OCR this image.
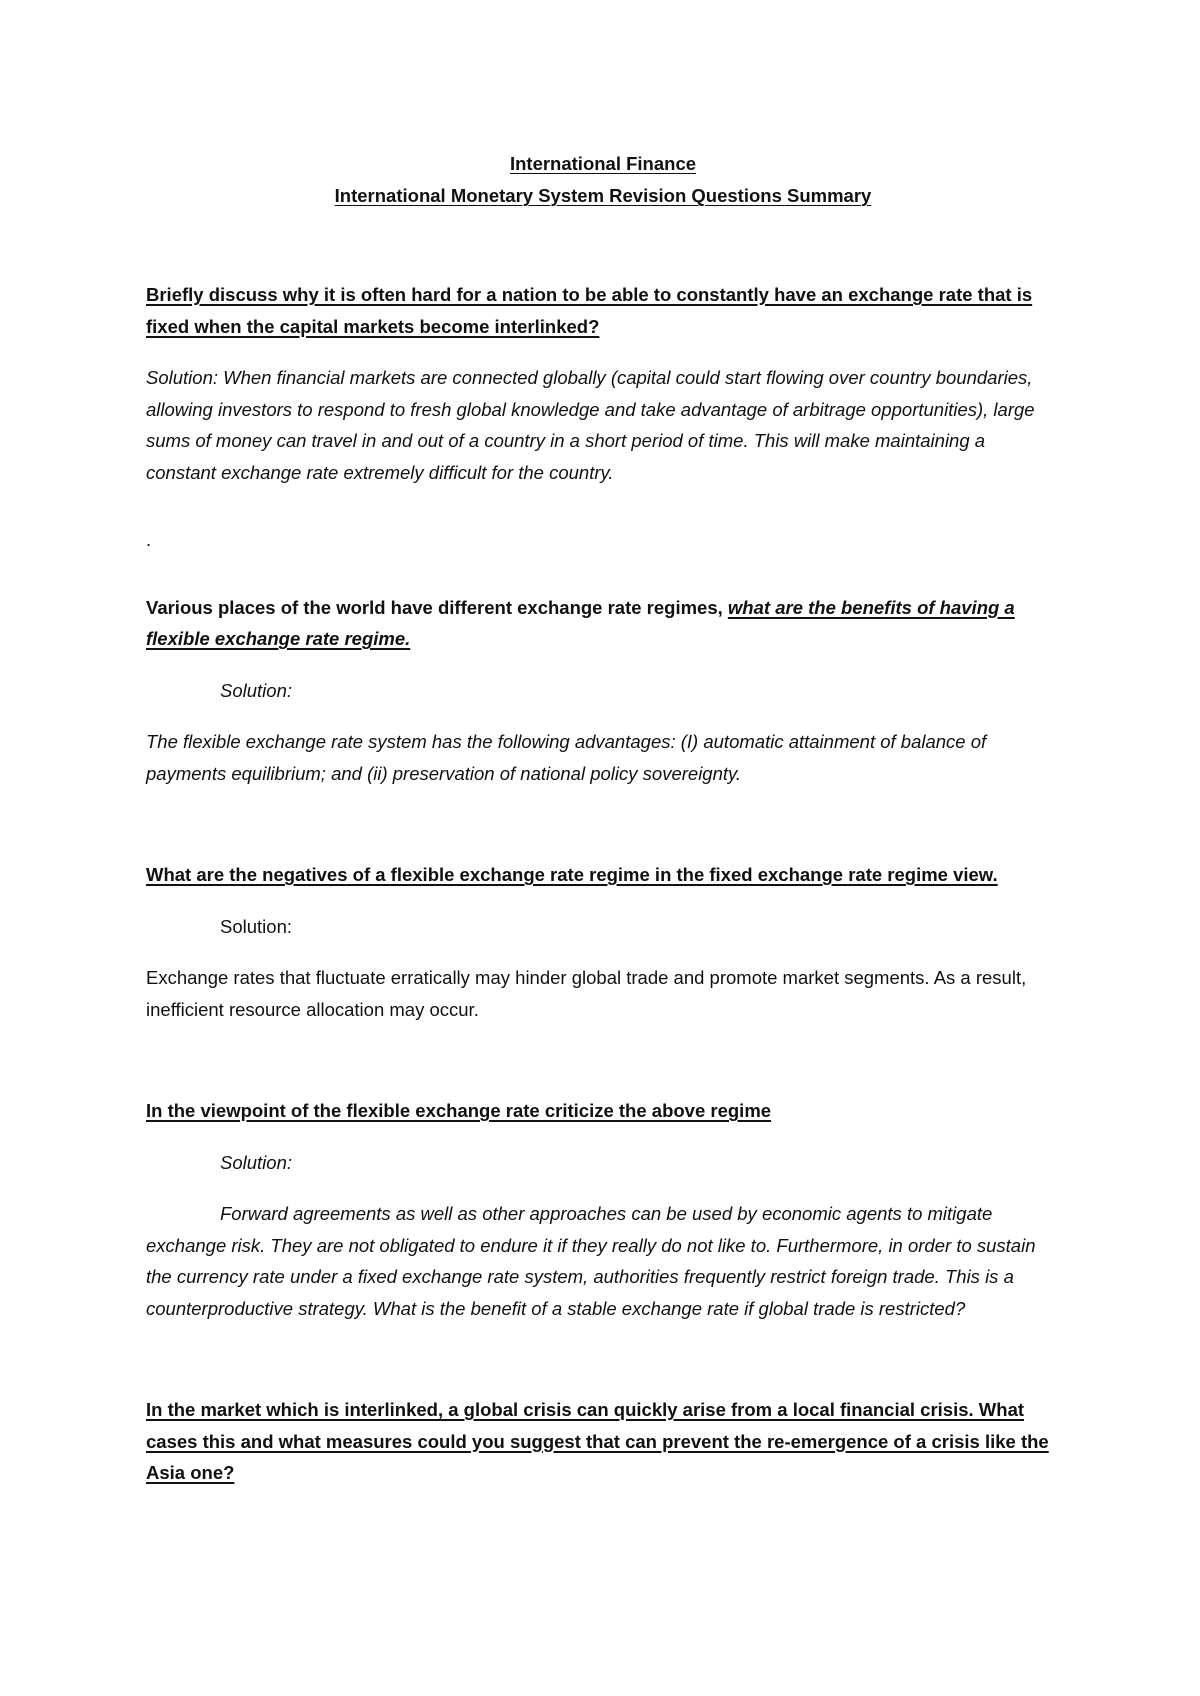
International Finance

International Monetary System Revision Questions Summary

Briefly discuss why it is often hard for a nation to be able to constantly have an exchange rate that is fixed when the capital markets become interlinked?

Solution: When financial markets are connected globally (capital could start flowing over country boundaries, allowing investors to respond to fresh global knowledge and take advantage of arbitrage opportunities), large sums of money can travel in and out of a country in a short period of time. This will make maintaining a constant exchange rate extremely difficult for the country.

.

Various places of the world have different exchange rate regimes, what are the benefits of having a flexible exchange rate regime.

Solution:

The flexible exchange rate system has the following advantages: (I) automatic attainment of balance of payments equilibrium; and (ii) preservation of national policy sovereignty.

What are the negatives of a flexible exchange rate regime in the fixed exchange rate regime view.

Solution:

Exchange rates that fluctuate erratically may hinder global trade and promote market segments. As a result, inefficient resource allocation may occur.

In the viewpoint of the flexible exchange rate criticize the above regime

Solution:

Forward agreements as well as other approaches can be used by economic agents to mitigate exchange risk. They are not obligated to endure it if they really do not like to. Furthermore, in order to sustain the currency rate under a fixed exchange rate system, authorities frequently restrict foreign trade. This is a counterproductive strategy. What is the benefit of a stable exchange rate if global trade is restricted?

In the market which is interlinked, a global crisis can quickly arise from a local financial crisis. What cases this and what measures could you suggest that can prevent the re-emergence of a crisis like the Asia one?
